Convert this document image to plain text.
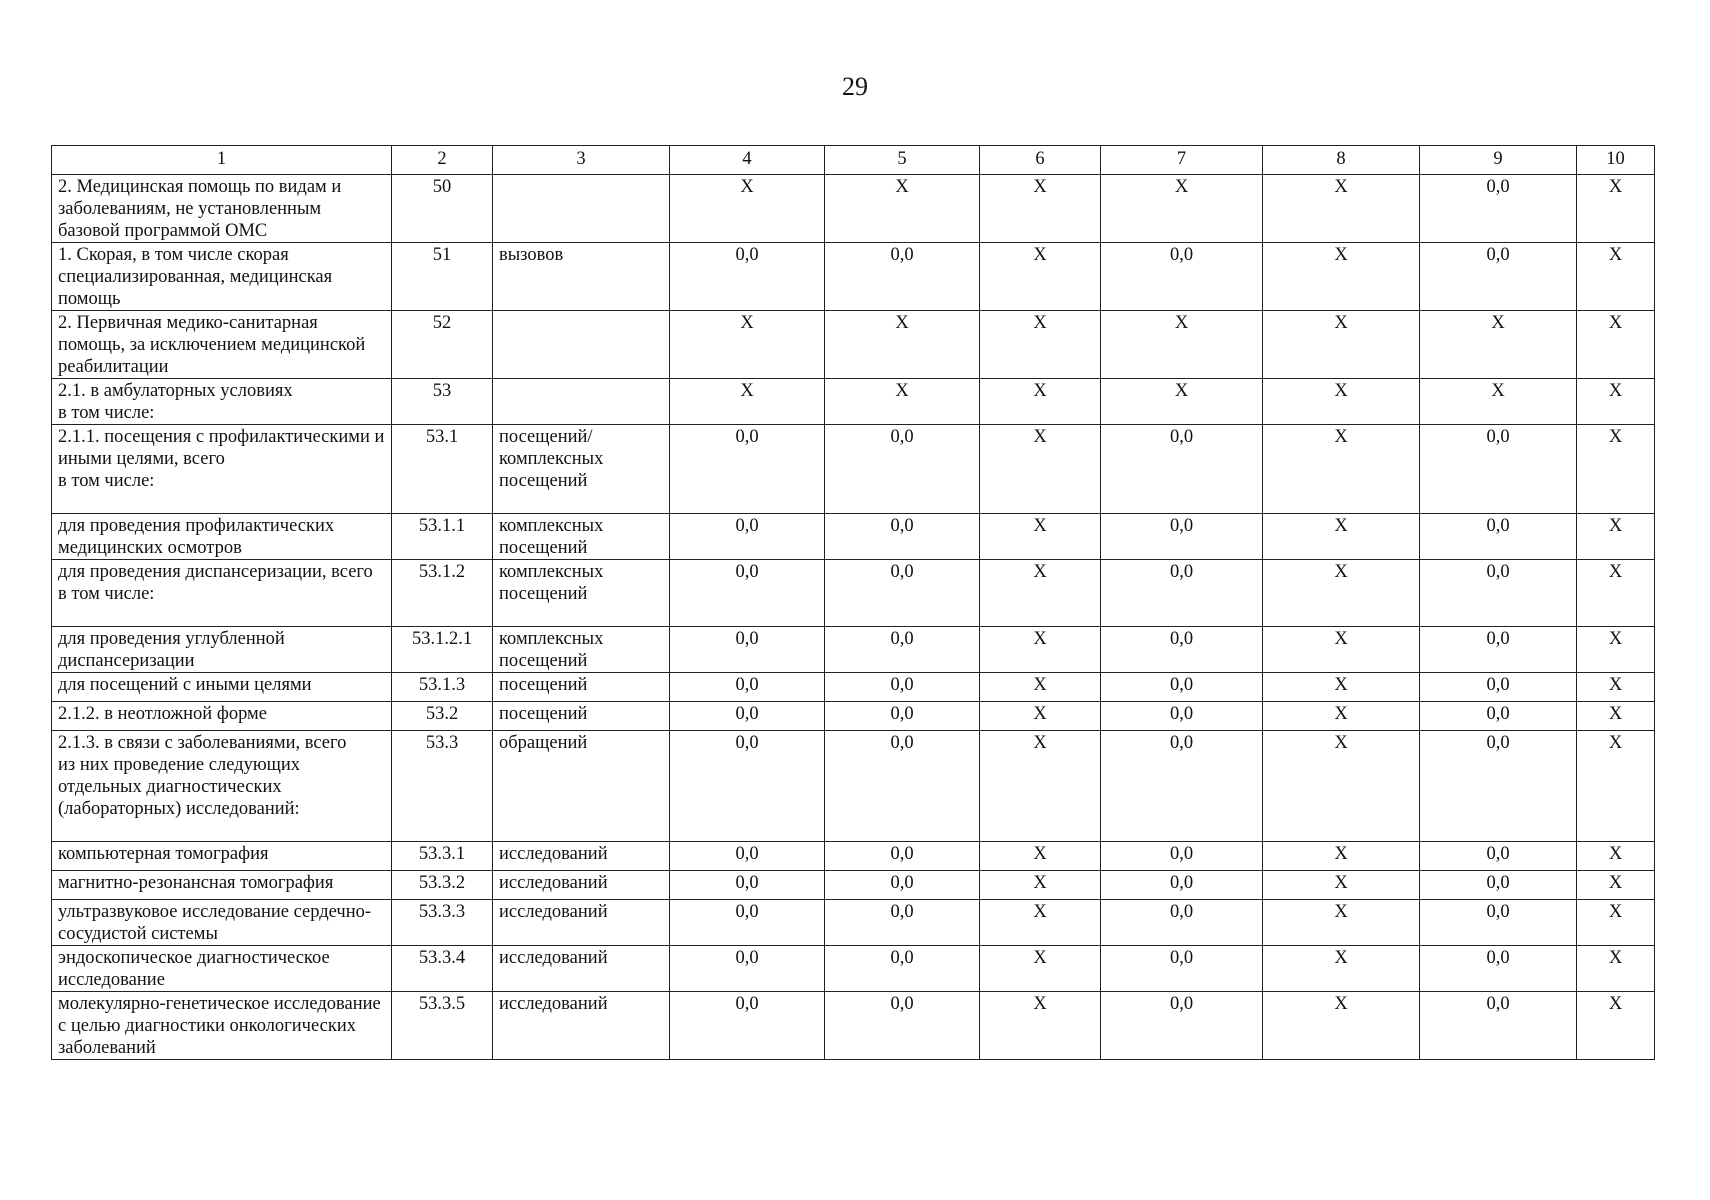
29
1	2	3	4	5	6	7	8	9	10
2. Медицинская помощь по видам и заболеваниям, не установленным базовой программой ОМС	50		X	X	X	X	X	0,0	X
1. Скорая, в том числе скорая специализированная, медицинская помощь	51	вызовов	0,0	0,0	X	0,0	X	0,0	X
2. Первичная медико-санитарная помощь, за исключением медицинской реабилитации	52		X	X	X	X	X	X	X
2.1. в амбулаторных условиях
в том числе:	53		X	X	X	X	X	X	X
2.1.1. посещения с профилактическими и иными целями, всего
в том числе:	53.1	посещений/ комплексных посещений	0,0	0,0	X	0,0	X	0,0	X
для проведения профилактических медицинских осмотров	53.1.1	комплексных посещений	0,0	0,0	X	0,0	X	0,0	X
для проведения диспансеризации, всего
в том числе:	53.1.2	комплексных посещений	0,0	0,0	X	0,0	X	0,0	X
для проведения углубленной диспансеризации	53.1.2.1	комплексных посещений	0,0	0,0	X	0,0	X	0,0	X
для посещений с иными целями	53.1.3	посещений	0,0	0,0	X	0,0	X	0,0	X
2.1.2. в неотложной форме	53.2	посещений	0,0	0,0	X	0,0	X	0,0	X
2.1.3. в связи с заболеваниями, всего
из них проведение следующих отдельных диагностических (лабораторных) исследований:	53.3	обращений	0,0	0,0	X	0,0	X	0,0	X
компьютерная томография	53.3.1	исследований	0,0	0,0	X	0,0	X	0,0	X
магнитно-резонансная томография	53.3.2	исследований	0,0	0,0	X	0,0	X	0,0	X
ультразвуковое исследование сердечно-сосудистой системы	53.3.3	исследований	0,0	0,0	X	0,0	X	0,0	X
эндоскопическое диагностическое исследование	53.3.4	исследований	0,0	0,0	X	0,0	X	0,0	X
молекулярно-генетическое исследование с целью диагностики онкологических заболеваний	53.3.5	исследований	0,0	0,0	X	0,0	X	0,0	X
